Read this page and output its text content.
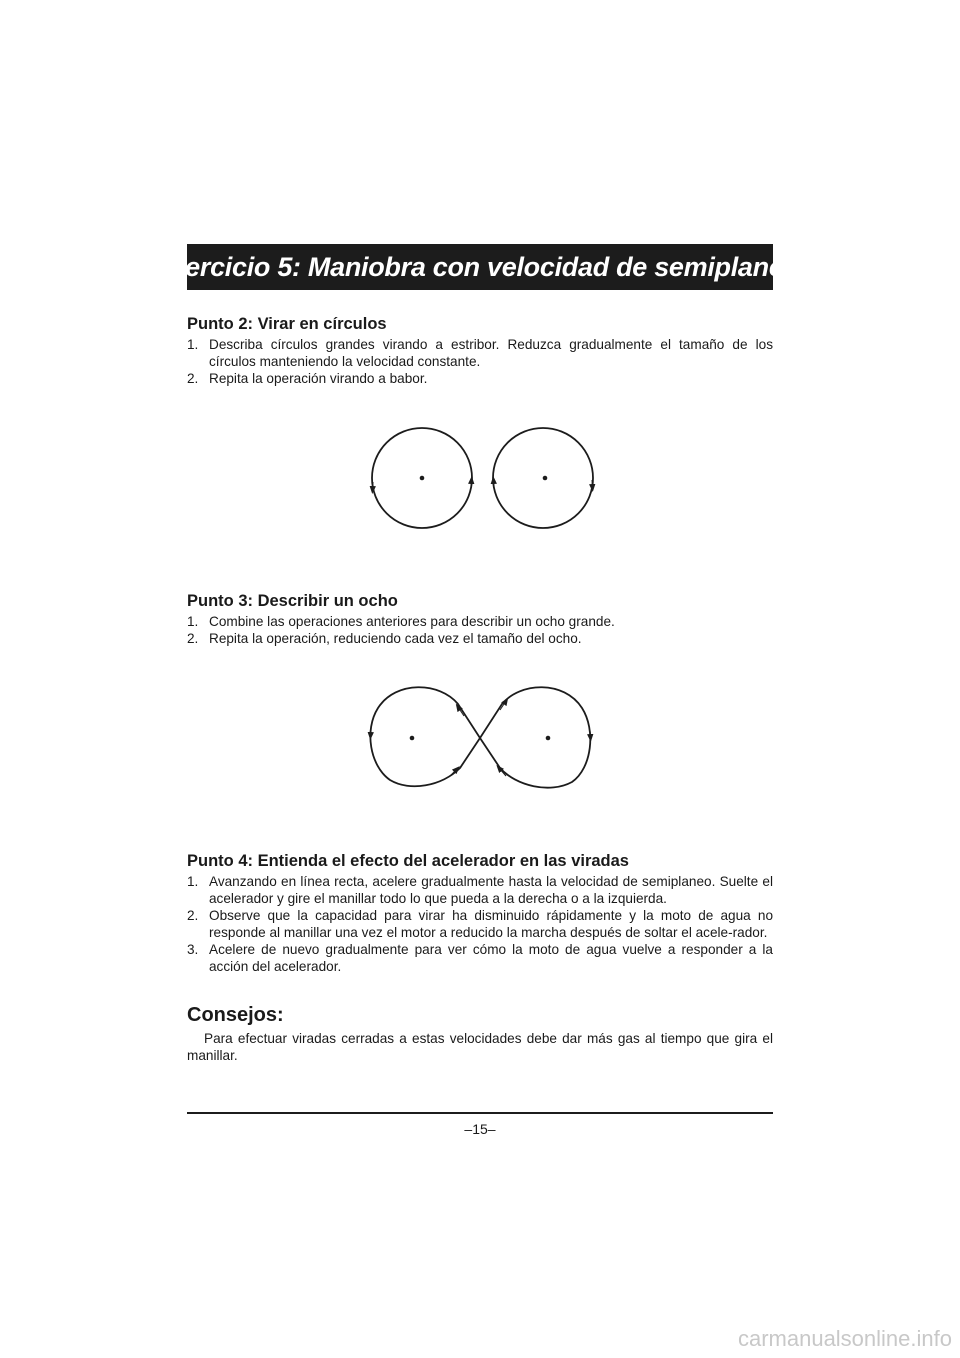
Ejercicio 5: Maniobra con velocidad de semiplaneo
Punto 2: Virar en círculos
1. Describa círculos grandes virando a estribor. Reduzca gradualmente el tamaño de los círculos manteniendo la velocidad constante.
2. Repita la operación virando a babor.
Punto 3: Describir un ocho
1. Combine las operaciones anteriores para describir un ocho grande.
2. Repita la operación, reduciendo cada vez el tamaño del ocho.
Punto 4: Entienda el efecto del acelerador en las viradas
1. Avanzando en línea recta, acelere gradualmente hasta la velocidad de semiplaneo. Suelte el acelerador y gire el manillar todo lo que pueda a la derecha o a la izquierda.
2. Observe que la capacidad para virar ha disminuido rápidamente y la moto de agua no responde al manillar una vez el motor a reducido la marcha después de soltar el acele-rador.
3. Acelere de nuevo gradualmente para ver cómo la moto de agua vuelve a responder a la acción del acelerador.
Consejos:

Para efectuar viradas cerradas a estas velocidades debe dar más gas al tiempo que gira el manillar.

–15–
carmanualsonline.info
